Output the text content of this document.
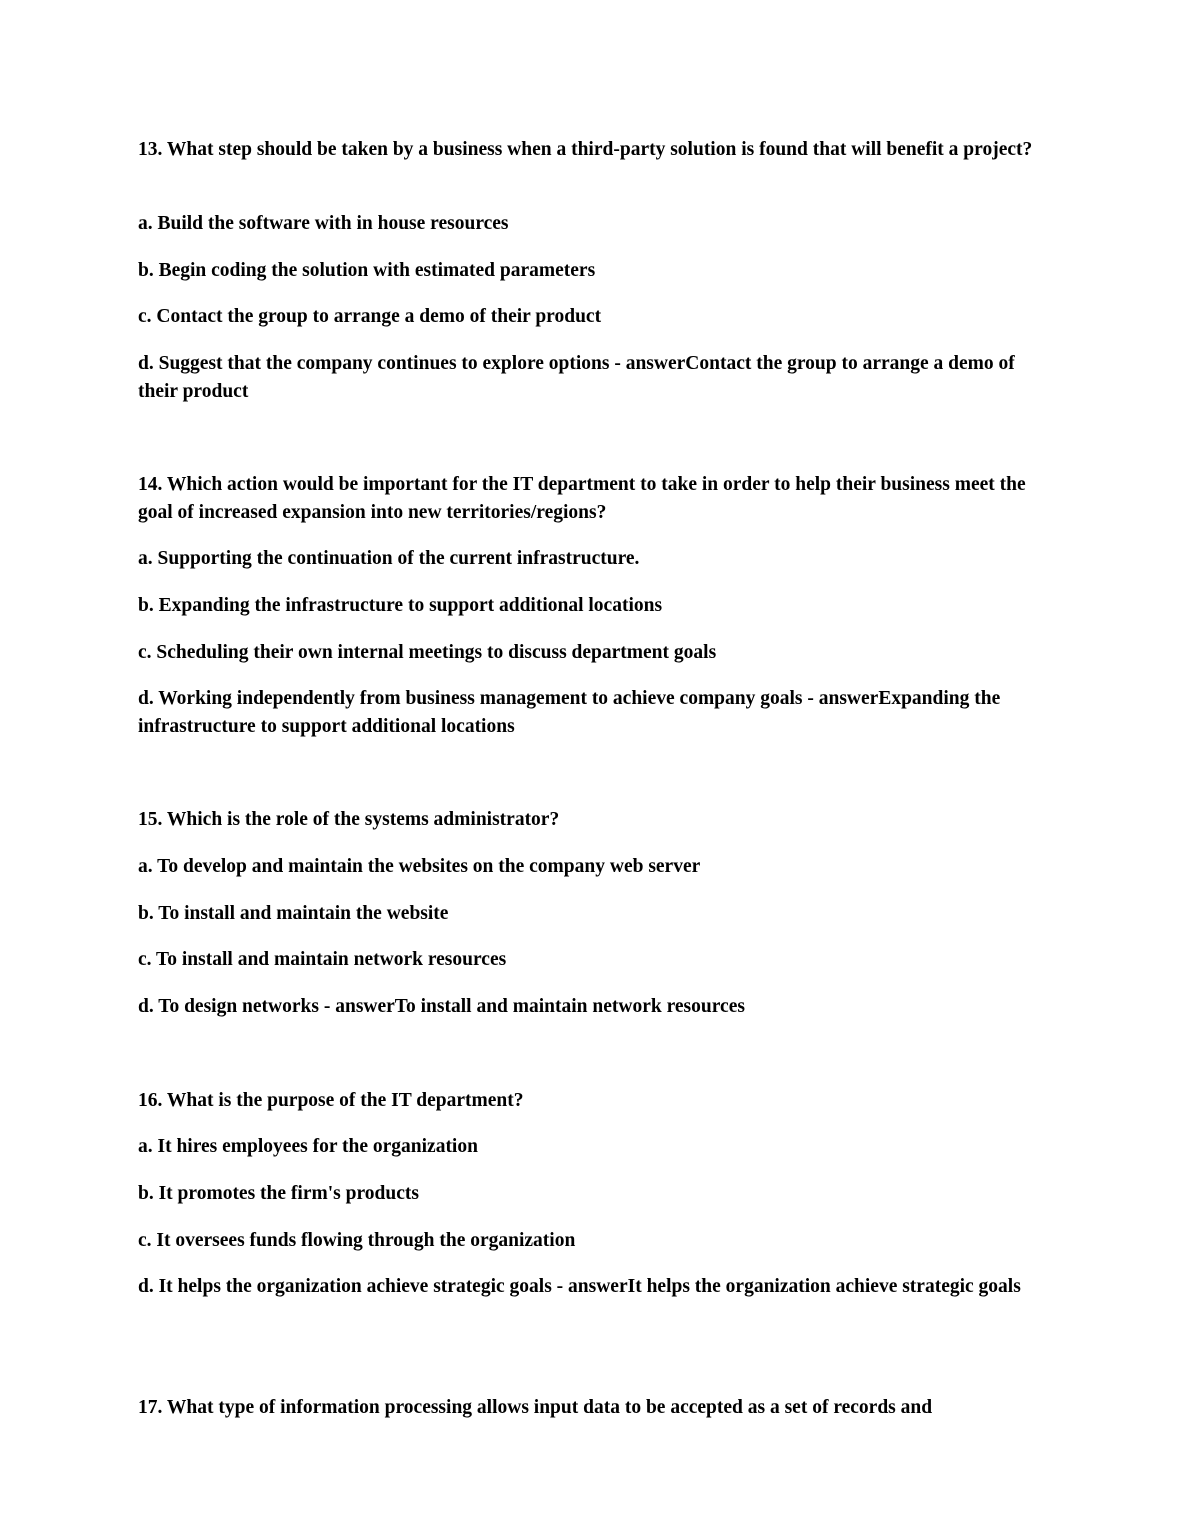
13. What step should be taken by a business when a third-party solution is found that will benefit a project?
a. Build the software with in house resources
b. Begin coding the solution with estimated parameters
c. Contact the group to arrange a demo of their product
d. Suggest that the company continues to explore options - answerContact the group to arrange a demo of their product
14. Which action would be important for the IT department to take in order to help their business meet the goal of increased expansion into new territories/regions?
a. Supporting the continuation of the current infrastructure.
b. Expanding the infrastructure to support additional locations
c. Scheduling their own internal meetings to discuss department goals
d. Working independently from business management to achieve company goals - answerExpanding the infrastructure to support additional locations
15. Which is the role of the systems administrator?
a. To develop and maintain the websites on the company web server
b. To install and maintain the website
c. To install and maintain network resources
d. To design networks - answerTo install and maintain network resources
16. What is the purpose of the IT department?
a. It hires employees for the organization
b. It promotes the firm's products
c. It oversees funds flowing through the organization
d. It helps the organization achieve strategic goals - answerIt helps the organization achieve strategic goals
17. What type of information processing allows input data to be accepted as a set of records and
